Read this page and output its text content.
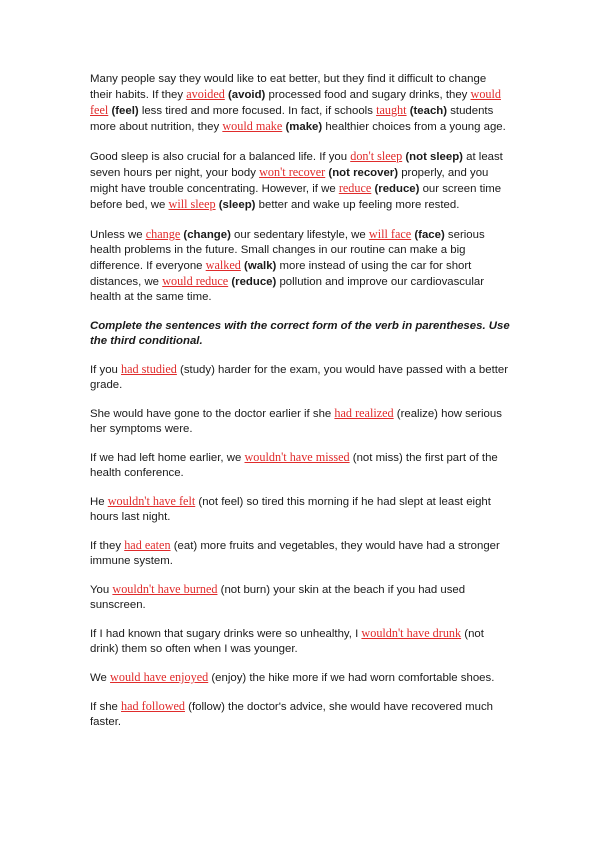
Many people say they would like to eat better, but they find it difficult to change their habits. If they avoided (avoid) processed food and sugary drinks, they would feel (feel) less tired and more focused. In fact, if schools taught (teach) students more about nutrition, they would make (make) healthier choices from a young age.

Good sleep is also crucial for a balanced life. If you don't sleep (not sleep) at least seven hours per night, your body won't recover (not recover) properly, and you might have trouble concentrating. However, if we reduce (reduce) our screen time before bed, we will sleep (sleep) better and wake up feeling more rested.

Unless we change (change) our sedentary lifestyle, we will face (face) serious health problems in the future. Small changes in our routine can make a big difference. If everyone walked (walk) more instead of using the car for short distances, we would reduce (reduce) pollution and improve our cardiovascular health at the same time.

Complete the sentences with the correct form of the verb in parentheses. Use the third conditional.

If you had studied (study) harder for the exam, you would have passed with a better grade.

She would have gone to the doctor earlier if she had realized (realize) how serious her symptoms were.

If we had left home earlier, we wouldn't have missed (not miss) the first part of the health conference.

He wouldn't have felt (not feel) so tired this morning if he had slept at least eight hours last night.

If they had eaten (eat) more fruits and vegetables, they would have had a stronger immune system.

You wouldn't have burned (not burn) your skin at the beach if you had used sunscreen.

If I had known that sugary drinks were so unhealthy, I wouldn't have drunk (not drink) them so often when I was younger.

We would have enjoyed (enjoy) the hike more if we had worn comfortable shoes.

If she had followed (follow) the doctor's advice, she would have recovered much faster.
